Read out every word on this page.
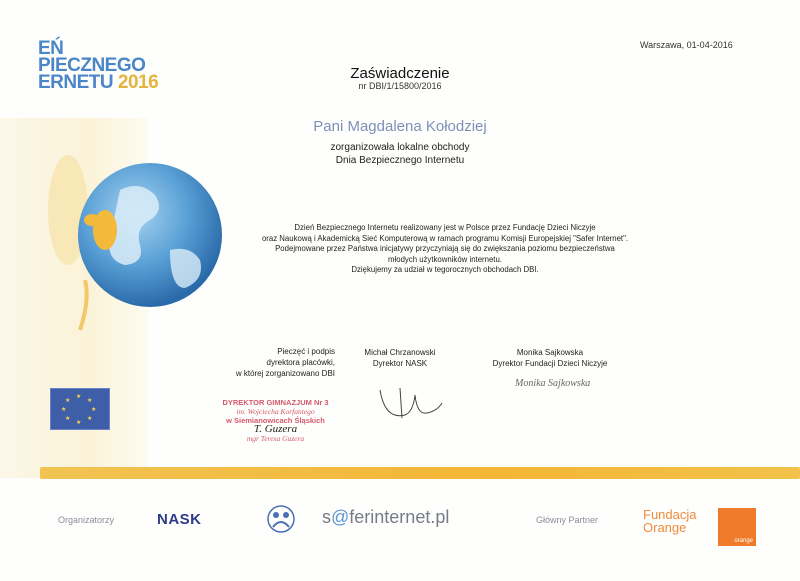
EŃ
PIECZNEGO
ERNETU 2016
★
★
★
★
★
★
★
★
Warszawa, 01-04-2016
Zaświadczenie
nr DBI/1/15800/2016
Pani Magdalena Kołodziej
zorganizowała lokalne obchody
Dnia Bezpiecznego Internetu
Dzień Bezpiecznego Internetu realizowany jest w Polsce przez Fundację Dzieci Niczyje
oraz Naukową i Akademicką Sieć Komputerową w ramach programu Komisji Europejskiej "Safer Internet".
Podejmowane przez Państwa inicjatywy przyczyniają się do zwiększania poziomu bezpieczeństwa
młodych użytkowników internetu.
Dziękujemy za udział w tegorocznych obchodach DBI.
Pieczęć i podpis
dyrektora placówki,
w której zorganizowano DBI
Michał Chrzanowski
Dyrektor NASK
Monika Sajkowska
Dyrektor Fundacji Dzieci Niczyje
Monika Sajkowska
DYREKTOR GIMNAZJUM Nr 3
im. Wojciecha Korfantego
w Siemianowicach Śląskich
T. Guzera
mgr Teresa Guzera
Organizatorzy	NASK	s@ferinternet.pl	Główny Partner	Fundacja
Orange
orange
